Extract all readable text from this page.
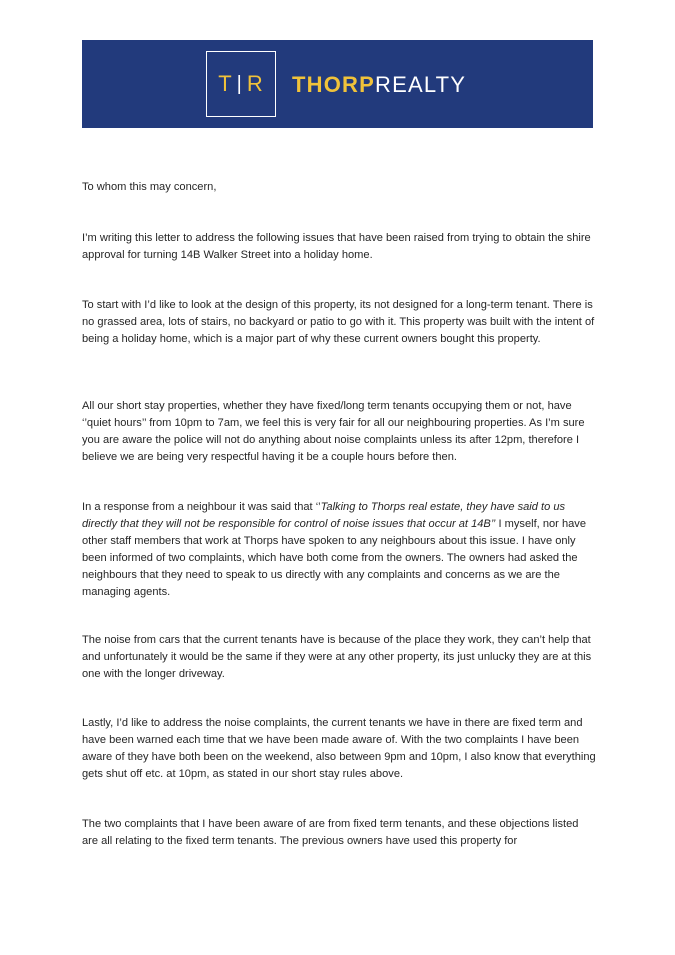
T | R THORPREALTY

To whom this may concern,

I’m writing this letter to address the following issues that have been raised from trying to obtain the shire approval for turning 14B Walker Street into a holiday home.

To start with I’d like to look at the design of this property, its not designed for a long-term tenant. There is no grassed area, lots of stairs, no backyard or patio to go with it. This property was built with the intent of being a holiday home, which is a major part of why these current owners bought this property.

All our short stay properties, whether they have fixed/long term tenants occupying them or not, have ‘’quiet hours’’ from 10pm to 7am, we feel this is very fair for all our neighbouring properties. As I’m sure you are aware the police will not do anything about noise complaints unless its after 12pm, therefore I believe we are being very respectful having it be a couple hours before then.

In a response from a neighbour it was said that ‘’Talking to Thorps real estate, they have said to us directly that they will not be responsible for control of noise issues that occur at 14B’’ I myself, nor have other staff members that work at Thorps have spoken to any neighbours about this issue. I have only been informed of two complaints, which have both come from the owners. The owners had asked the neighbours that they need to speak to us directly with any complaints and concerns as we are the managing agents.

The noise from cars that the current tenants have is because of the place they work, they can’t help that and unfortunately it would be the same if they were at any other property, its just unlucky they are at this one with the longer driveway.

Lastly, I’d like to address the noise complaints, the current tenants we have in there are fixed term and have been warned each time that we have been made aware of. With the two complaints I have been aware of they have both been on the weekend, also between 9pm and 10pm, I also know that everything gets shut off etc. at 10pm, as stated in our short stay rules above.

The two complaints that I have been aware of are from fixed term tenants, and these objections listed are all relating to the fixed term tenants. The previous owners have used this property for
